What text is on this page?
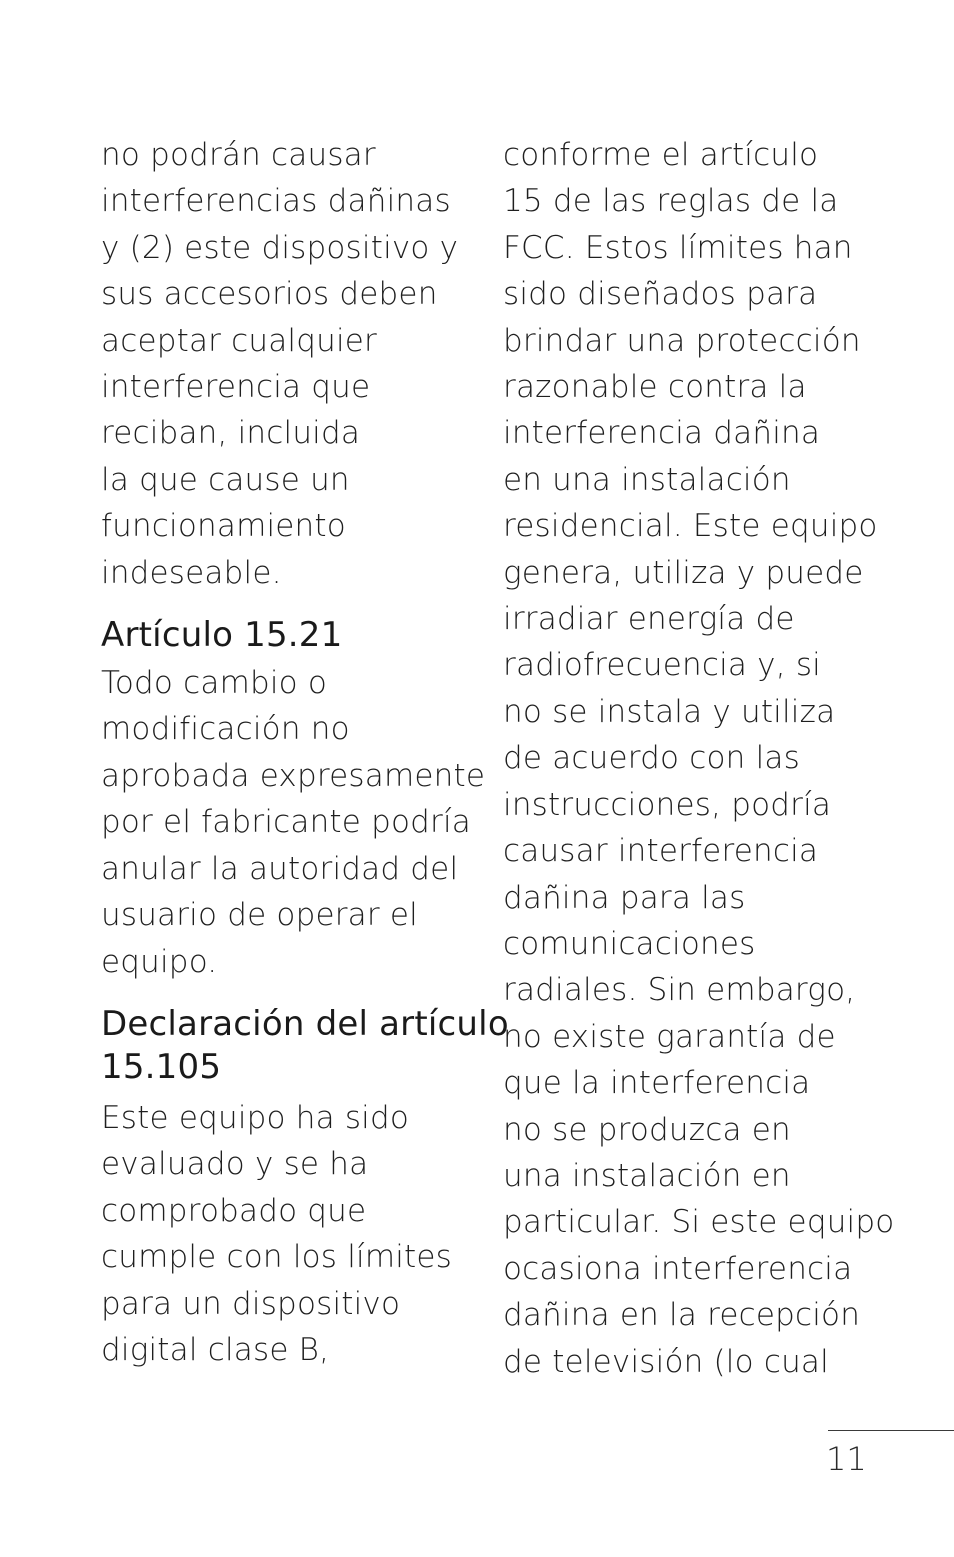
no podrán causar
interferencias dañinas
y (2) este dispositivo y
sus accesorios deben
aceptar cualquier
interferencia que
reciban, incluida
la que cause un
funcionamiento
indeseable.
Artículo 15.21
Todo cambio o
modificación no
aprobada expresamente
por el fabricante podría
anular la autoridad del
usuario de operar el
equipo.
Declaración del artículo
15.105
Este equipo ha sido
evaluado y se ha
comprobado que
cumple con los límites
para un dispositivo
digital clase B,
conforme el artículo
15 de las reglas de la
FCC. Estos límites han
sido diseñados para
brindar una protección
razonable contra la
interferencia dañina
en una instalación
residencial. Este equipo
genera, utiliza y puede
irradiar energía de
radiofrecuencia y, si
no se instala y utiliza
de acuerdo con las
instrucciones, podría
causar interferencia
dañina para las
comunicaciones
radiales. Sin embargo,
no existe garantía de
que la interferencia
no se produzca en
una instalación en
particular. Si este equipo
ocasiona interferencia
dañina en la recepción
de televisión (lo cual
11
